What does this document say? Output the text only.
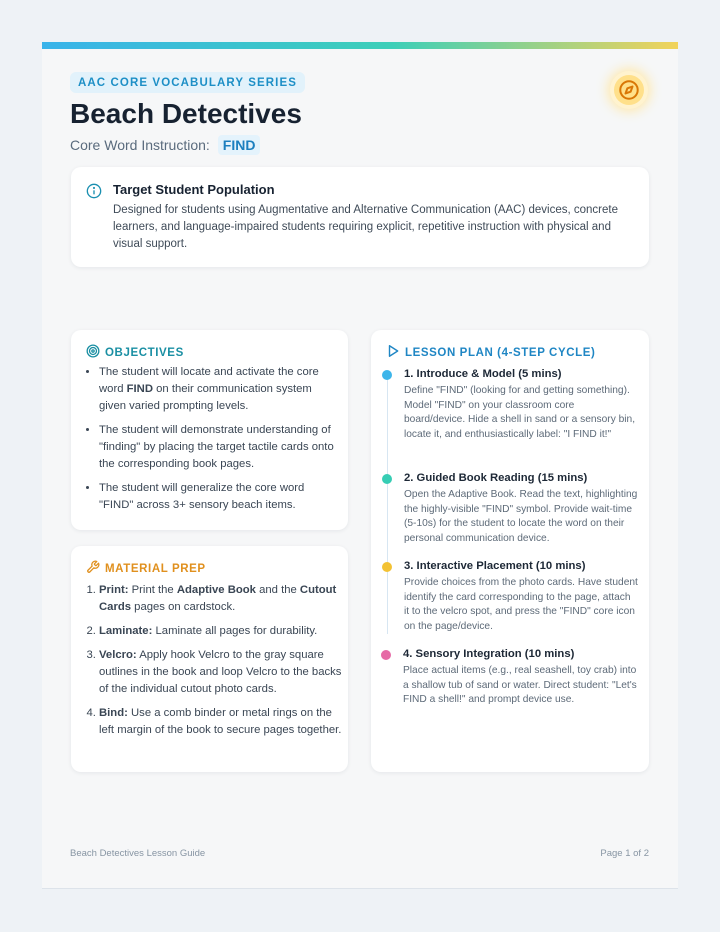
AAC CORE VOCABULARY SERIES
Beach Detectives
Core Word Instruction: FIND
Target Student Population

Designed for students using Augmentative and Alternative Communication (AAC) devices, concrete learners, and language-impaired students requiring explicit, repetitive instruction with physical and visual support.

OBJECTIVES
• The student will locate and activate the core word FIND on their communication system given varied prompting levels.
• The student will demonstrate understanding of "finding" by placing the target tactile cards onto the corresponding book pages.
• The student will generalize the core word "FIND" across 3+ sensory beach items.
MATERIAL PREP
1. Print: Print the Adaptive Book and the Cutout Cards pages on cardstock.
2. Laminate: Laminate all pages for durability.
3. Velcro: Apply hook Velcro to the gray square outlines in the book and loop Velcro to the backs of the individual cutout photo cards.
4. Bind: Use a comb binder or metal rings on the left margin of the book to secure pages together.
LESSON PLAN (4-STEP CYCLE)
1. Introduce & Model (5 mins)

Define "FIND" (looking for and getting something). Model "FIND" on your classroom core board/device. Hide a shell in sand or a sensory bin, locate it, and enthusiastically label: "I FIND it!"

2. Guided Book Reading (15 mins)

Open the Adaptive Book. Read the text, highlighting the highly-visible "FIND" symbol. Provide wait-time (5-10s) for the student to locate the word on their personal communication device.

3. Interactive Placement (10 mins)

Provide choices from the photo cards. Have student identify the card corresponding to the page, attach it to the velcro spot, and press the "FIND" core icon on the page/device.

4. Sensory Integration (10 mins)

Place actual items (e.g., real seashell, toy crab) into a shallow tub of sand or water. Direct student: "Let's FIND a shell!" and prompt device use.

Beach Detectives Lesson Guide	Page 1 of 2
